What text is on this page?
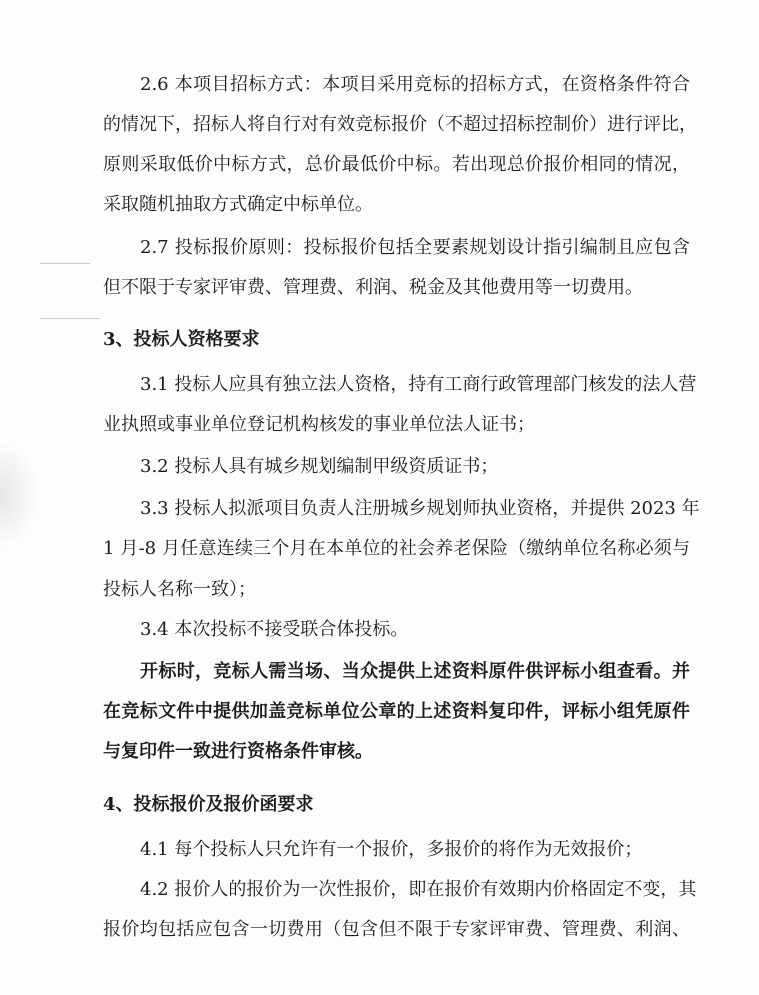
2.6 本项目招标方式：本项目采用竞标的招标方式，在资格条件符合
的情况下，招标人将自行对有效竞标报价（不超过招标控制价）进行评比，
原则采取低价中标方式，总价最低价中标。若出现总价报价相同的情况，
采取随机抽取方式确定中标单位。
2.7 投标报价原则：投标报价包括全要素规划设计指引编制且应包含
但不限于专家评审费、管理费、利润、税金及其他费用等一切费用。
3、投标人资格要求
3.1 投标人应具有独立法人资格，持有工商行政管理部门核发的法人营
业执照或事业单位登记机构核发的事业单位法人证书；
3.2 投标人具有城乡规划编制甲级资质证书；
3.3 投标人拟派项目负责人注册城乡规划师执业资格，并提供 2023 年
1 月-8 月任意连续三个月在本单位的社会养老保险（缴纳单位名称必须与
投标人名称一致）；
3.4 本次投标不接受联合体投标。
开标时，竞标人需当场、当众提供上述资料原件供评标小组查看。并
在竞标文件中提供加盖竞标单位公章的上述资料复印件，评标小组凭原件
与复印件一致进行资格条件审核。
4、投标报价及报价函要求
4.1 每个投标人只允许有一个报价，多报价的将作为无效报价；
4.2 报价人的报价为一次性报价，即在报价有效期内价格固定不变，其
报价均包括应包含一切费用（包含但不限于专家评审费、管理费、利润、
